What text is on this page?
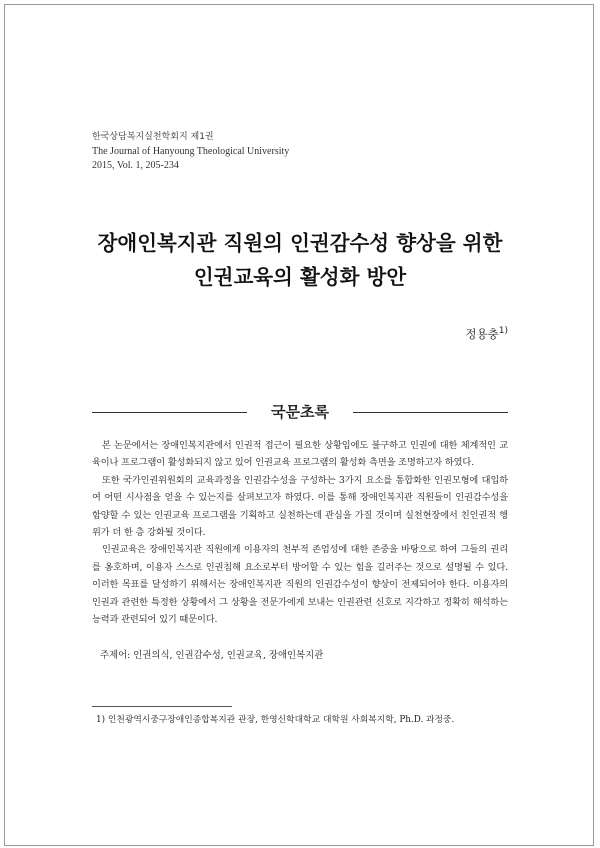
한국상담복지실천학회지 제1권
The Journal of Hanyoung Theological University
2015, Vol. 1, 205-234
장애인복지관 직원의 인권감수성 향상을 위한
인권교육의 활성화 방안
정용충$^{1)}$
국문초록

본 논문에서는 장애인복지관에서 인권적 접근이 필요한 상황임에도 불구하고 인권에 대한 체계적인 교육이나 프로그램이 활성화되지 않고 있어 인권교육 프로그램의 활성화 측면을 조명하고자 하였다.

또한 국가인권위원회의 교육과정을 인권감수성을 구성하는 3가지 요소를 통합화한 인권모형에 대입하여 어떤 시사점을 얻을 수 있는지를 살펴보고자 하였다. 이를 통해 장애인복지관 직원들이 인권감수성을 함양할 수 있는 인권교육 프로그램을 기획하고 실천하는데 관심을 가질 것이며 실천현장에서 친인권적 행위가 더 한 층 강화될 것이다.

인권교육은 장애인복지관 직원에게 이용자의 천부적 존엄성에 대한 존중을 바탕으로 하여 그들의 권리를 옹호하며, 이용자 스스로 인권침해 요소로부터 방어할 수 있는 힘을 길러주는 것으로 설명될 수 있다. 이러한 목표를 달성하기 위해서는 장애인복지관 직원의 인권감수성이 향상이 전제되어야 한다. 이용자의 인권과 관련한 특정한 상황에서 그 상황을 전문가에게 보내는 인권관련 신호로 지각하고 정확히 해석하는 능력과 관련되어 있기 때문이다.

주제어: 인권의식, 인권감수성, 인권교육, 장애인복지관
1) 인천광역시중구장애인종합복지관 관장, 한영신학대학교 대학원 사회복지학, Ph.D. 과정중.
